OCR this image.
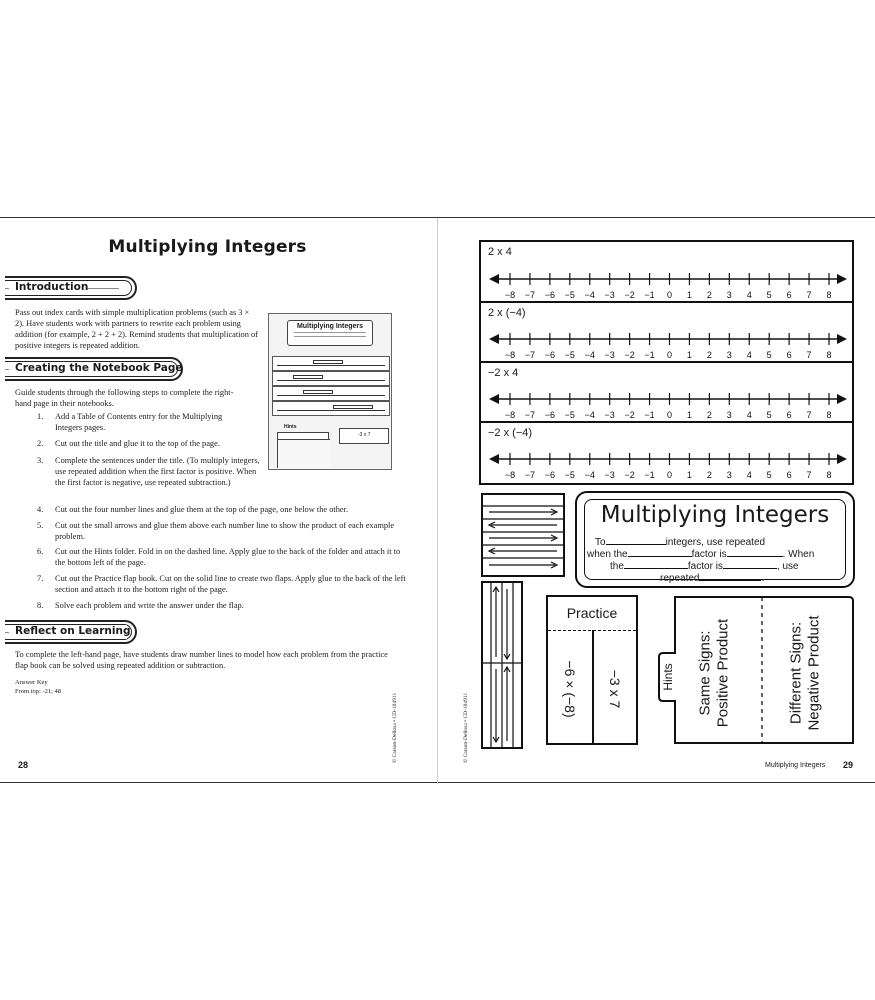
Multiplying Integers
Introduction
Pass out index cards with simple multiplication problems (such as 3 × 2). Have students work with partners to rewrite each problem using addition (for example, 2 + 2 + 2). Remind students that multiplication of positive integers is repeated addition.
Creating the Notebook Page
Guide students through the following steps to complete the right-hand page in their notebooks.
1. Add a Table of Contents entry for the Multiplying Integers pages.
2. Cut out the title and glue it to the top of the page.
3. Complete the sentences under the title. (To multiply integers, use repeated addition when the first factor is positive. When the first factor is negative, use repeated subtraction.)
4. Cut out the four number lines and glue them at the top of the page, one below the other.
5. Cut out the small arrows and glue them above each number line to show the product of each example problem.
6. Cut out the Hints folder. Fold in on the dashed line. Apply glue to the back of the folder and attach it to the bottom left of the page.
7. Cut out the Practice flap book. Cut on the solid line to create two flaps. Apply glue to the back of the left section and attach it to the bottom right of the page.
8. Solve each problem and write the answer under the flap.
Reflect on Learning
To complete the left-hand page, have students draw number lines to model how each problem from the practice flap book can be solved using repeated addition or subtraction.
Answer Key
From top: -21; 48
28
© Carson-Dellosa • CD-104911
Multiplying Integers
Hints
-3 x 7
© Carson-Dellosa • CD-104911
−8 −7 −6 −5 −4 −3 −2 −1 0 1 2 3 4 5 6 7 8
−8 −7 −6 −5 −4 −3 −2 −1 0 1 2 3 4 5 6 7 8
−8 −7 −6 −5 −4 −3 −2 −1 0 1 2 3 4 5 6 7 8
−8 −7 −6 −5 −4 −3 −2 −1 0 1 2 3 4 5 6 7 8
2 x 4
2 x (−4)
−2 x 4
−2 x (−4)
Multiplying Integers
To	integers, use repeated
when the	factor is	. When
the	factor is	, use
repeated	.
Practice
−6 × (−8) −3 x 7	Hints Same Signs: Positive Product	Different Signs: Negative Product
Multiplying Integers 29
